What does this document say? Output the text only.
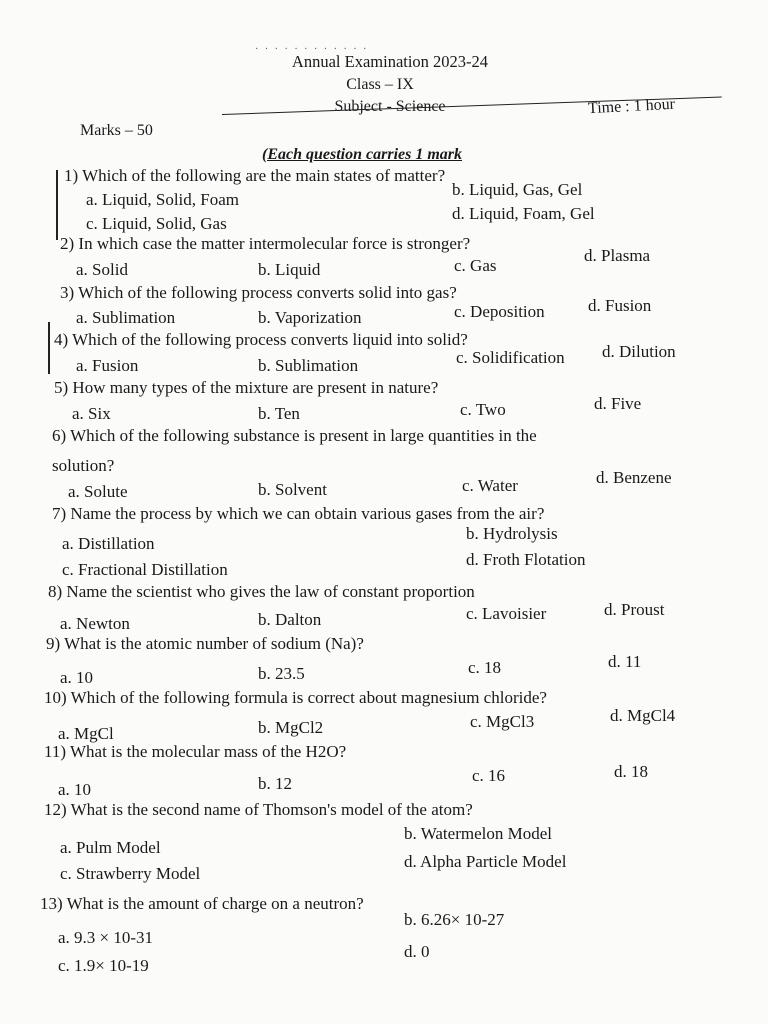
· · · · · · · · · · · ·
Annual Examination 2023-24
Class – IX
Subject - Science	Time : 1 hour
Marks – 50
(Each question carries 1 mark
1) Which of the following are the main states of matter?
a. Liquid, Solid, Foam
b. Liquid, Gas, Gel
c. Liquid, Solid, Gas
d. Liquid, Foam, Gel
2) In which case the matter intermolecular force is stronger?
a. Solid	b. Liquid	c. Gas
d. Plasma
3) Which of the following process converts solid into gas?
a. Sublimation	b. Vaporization	c. Deposition	d. Fusion
4) Which of the following process converts liquid into solid?
a. Fusion	b. Sublimation	c. Solidification d. Dilution
5) How many types of the mixture are present in nature?
a. Six	b. Ten	c. Two	d. Five
6) Which of the following substance is present in large quantities in the
solution?
a. Solute	b. Solvent	c. Water	d. Benzene
7) Name the process by which we can obtain various gases from the air?
a. Distillation
b. Hydrolysis
c. Fractional Distillation
d. Froth Flotation
8) Name the scientist who gives the law of constant proportion
a. Newton	b. Dalton	c. Lavoisier	d. Proust
9) What is the atomic number of sodium (Na)?
a. 10	b. 23.5	c. 18	d. 11
10) Which of the following formula is correct about magnesium chloride?
a. MgCl	b. MgCl2	c. MgCl3	d. MgCl4
11) What is the molecular mass of the H2O?
a. 10	b. 12	c. 16	d. 18
12) What is the second name of Thomson's model of the atom?
a. Pulm Model
b. Watermelon Model
c. Strawberry Model
d. Alpha Particle Model
13) What is the amount of charge on a neutron?
a. 9.3 × 10-31
b. 6.26× 10-27
c. 1.9× 10-19
d. 0
